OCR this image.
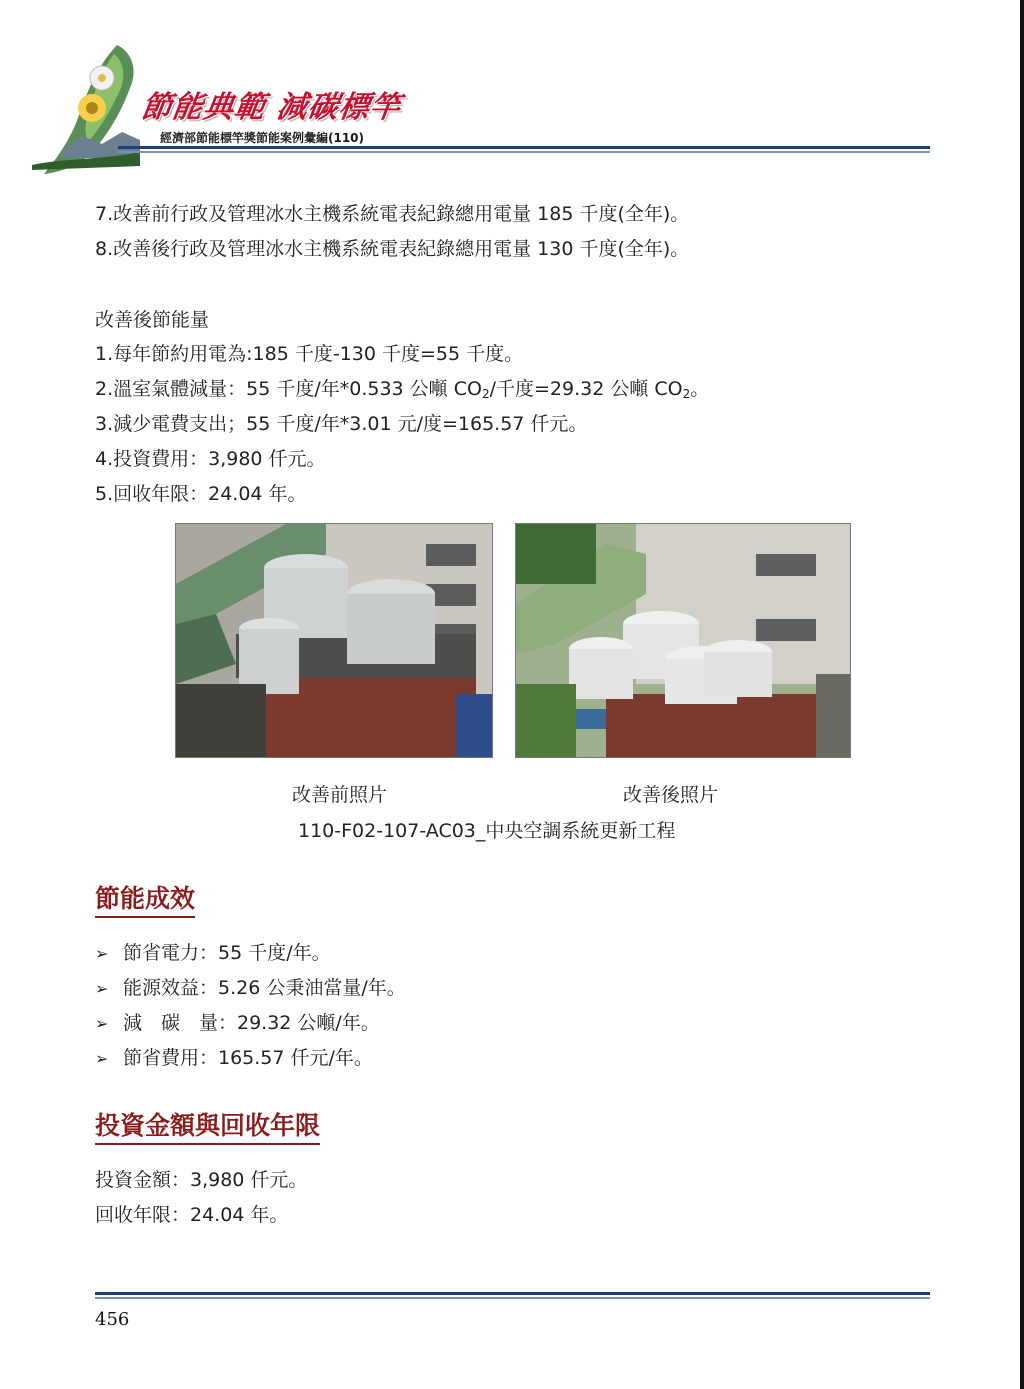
節能典範 減碳標竿
經濟部節能標竿獎節能案例彙編(110)
7.改善前行政及管理冰水主機系統電表紀錄總用電量 185 千度(全年)。
8.改善後行政及管理冰水主機系統電表紀錄總用電量 130 千度(全年)。
改善後節能量
1.每年節約用電為:185 千度-130 千度=55 千度。
2.溫室氣體減量：55 千度/年*0.533 公噸 $CO_2/$千度=29.32 公噸 $CO_2$。
3.減少電費支出；55 千度/年*3.01 元/度=165.57 仟元。
4.投資費用：3,980 仟元。
5.回收年限：24.04 年。
改善前照片	改善後照片
110-F02-107-AC03_中央空調系統更新工程
節能成效
➢ 節省電力：55 千度/年。
➢ 能源效益：5.26 公秉油當量/年。
➢ 減　碳　量：29.32 公噸/年。
➢ 節省費用：165.57 仟元/年。
投資金額與回收年限
投資金額：3,980 仟元。
回收年限：24.04 年。
456
